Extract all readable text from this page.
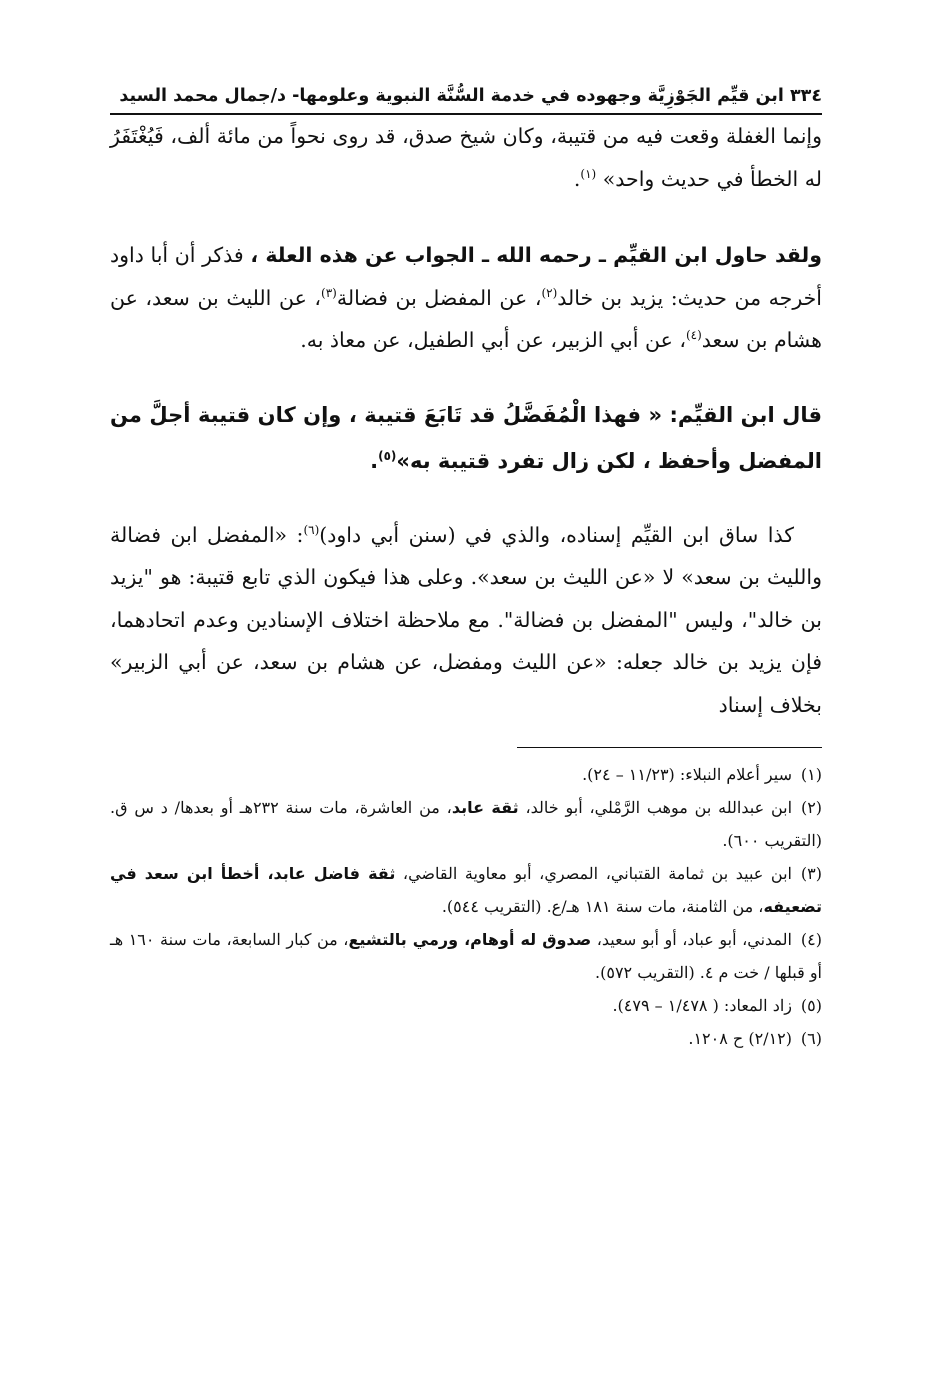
٣٣٤ ابن قيِّم الجَوْزِيَّة وجهوده في خدمة السُّنَّة النبوية وعلومها- د/جمال محمد السيد

وإنما الغفلة وقعت فيه من قتيبة، وكان شيخ صدق، قد روى نحواً من مائة ألف، فَيُغْتَفَرُ له الخطأ في حديث واحد» $^{(١)}$.

ولقد حاول ابن القيِّم ـ رحمه الله ـ الجواب عن هذه العلة ، فذكر أن أبا داود أخرجه من حديث: يزيد بن خالد$^{(٢)}$، عن المفضل بن فضالة$^{(٣)}$، عن الليث بن سعد، عن هشام بن سعد$^{(٤)}$، عن أبي الزبير، عن أبي الطفيل، عن معاذ به.

قال ابن القيِّم: « فهذا الْمُفَضَّلُ قد تَابَعَ قتيبة ، وإن كان قتيبة أجلَّ من المفضل وأحفظ ، لكن زال تفرد قتيبة به»$^{(٥)}$.

كذا ساق ابن القيِّم إسناده، والذي في (سنن أبي داود)$^{(٦)}$: «المفضل ابن فضالة والليث بن سعد» لا «عن الليث بن سعد». وعلى هذا فيكون الذي تابع قتيبة: هو "يزيد بن خالد"، وليس "المفضل بن فضالة". مع ملاحظة اختلاف الإسنادين وعدم اتحادهما، فإن يزيد بن خالد جعله: «عن الليث ومفضل، عن هشام بن سعد، عن أبي الزبير» بخلاف إسناد

(١)سير أعلام النبلاء: (١١/٢٣ – ٢٤).

(٢)ابن عبدالله بن موهب الرَّمْلي، أبو خالد، ثقة عابد، من العاشرة، مات سنة ٢٣٢هـ أو بعدها/ د س ق. (التقريب ٦٠٠).

(٣)ابن عبيد بن ثمامة القتباني، المصري، أبو معاوية القاضي، ثقة فاضل عابد، أخطأ ابن سعد في تضعيفه، من الثامنة، مات سنة ١٨١ هـ/ع. (التقريب ٥٤٤).

(٤)المدني، أبو عباد، أو أبو سعيد، صدوق له أوهام، ورمي بالتشيع، من كبار السابعة، مات سنة ١٦٠ هـ أو قبلها / خت م ٤. (التقريب ٥٧٢).

(٥)زاد المعاد: ( ١/٤٧٨ – ٤٧٩).

(٦)(٢/١٢) ح ١٢٠٨.
